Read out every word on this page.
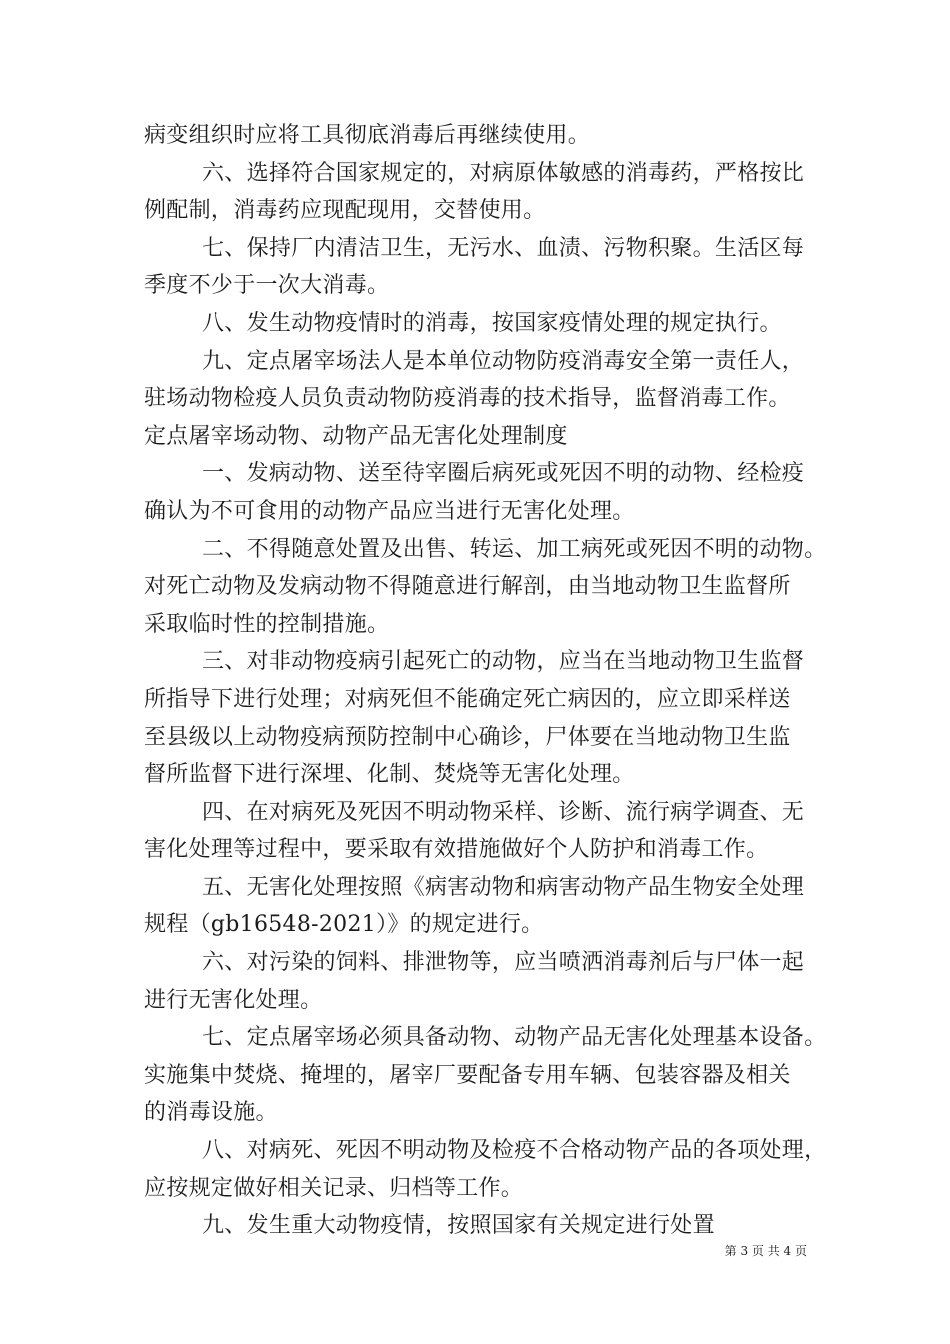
病变组织时应将工具彻底消毒后再继续使用。
六、选择符合国家规定的，对病原体敏感的消毒药，严格按比
例配制，消毒药应现配现用，交替使用。
七、保持厂内清洁卫生，无污水、血渍、污物积聚。生活区每
季度不少于一次大消毒。
八、发生动物疫情时的消毒，按国家疫情处理的规定执行。
九、定点屠宰场法人是本单位动物防疫消毒安全第一责任人，
驻场动物检疫人员负责动物防疫消毒的技术指导，监督消毒工作。
定点屠宰场动物、动物产品无害化处理制度
一、发病动物、送至待宰圈后病死或死因不明的动物、经检疫
确认为不可食用的动物产品应当进行无害化处理。
二、不得随意处置及出售、转运、加工病死或死因不明的动物。
对死亡动物及发病动物不得随意进行解剖，由当地动物卫生监督所
采取临时性的控制措施。
三、对非动物疫病引起死亡的动物，应当在当地动物卫生监督
所指导下进行处理；对病死但不能确定死亡病因的，应立即采样送
至县级以上动物疫病预防控制中心确诊，尸体要在当地动物卫生监
督所监督下进行深埋、化制、焚烧等无害化处理。
四、在对病死及死因不明动物采样、诊断、流行病学调查、无
害化处理等过程中，要采取有效措施做好个人防护和消毒工作。
五、无害化处理按照《病害动物和病害动物产品生物安全处理
规程（gb16548-2021）》的规定进行。
六、对污染的饲料、排泄物等，应当喷洒消毒剂后与尸体一起
进行无害化处理。
七、定点屠宰场必须具备动物、动物产品无害化处理基本设备。
实施集中焚烧、掩埋的，屠宰厂要配备专用车辆、包装容器及相关
的消毒设施。
八、对病死、死因不明动物及检疫不合格动物产品的各项处理，
应按规定做好相关记录、归档等工作。
九、发生重大动物疫情，按照国家有关规定进行处置
第 3 页 共 4 页
